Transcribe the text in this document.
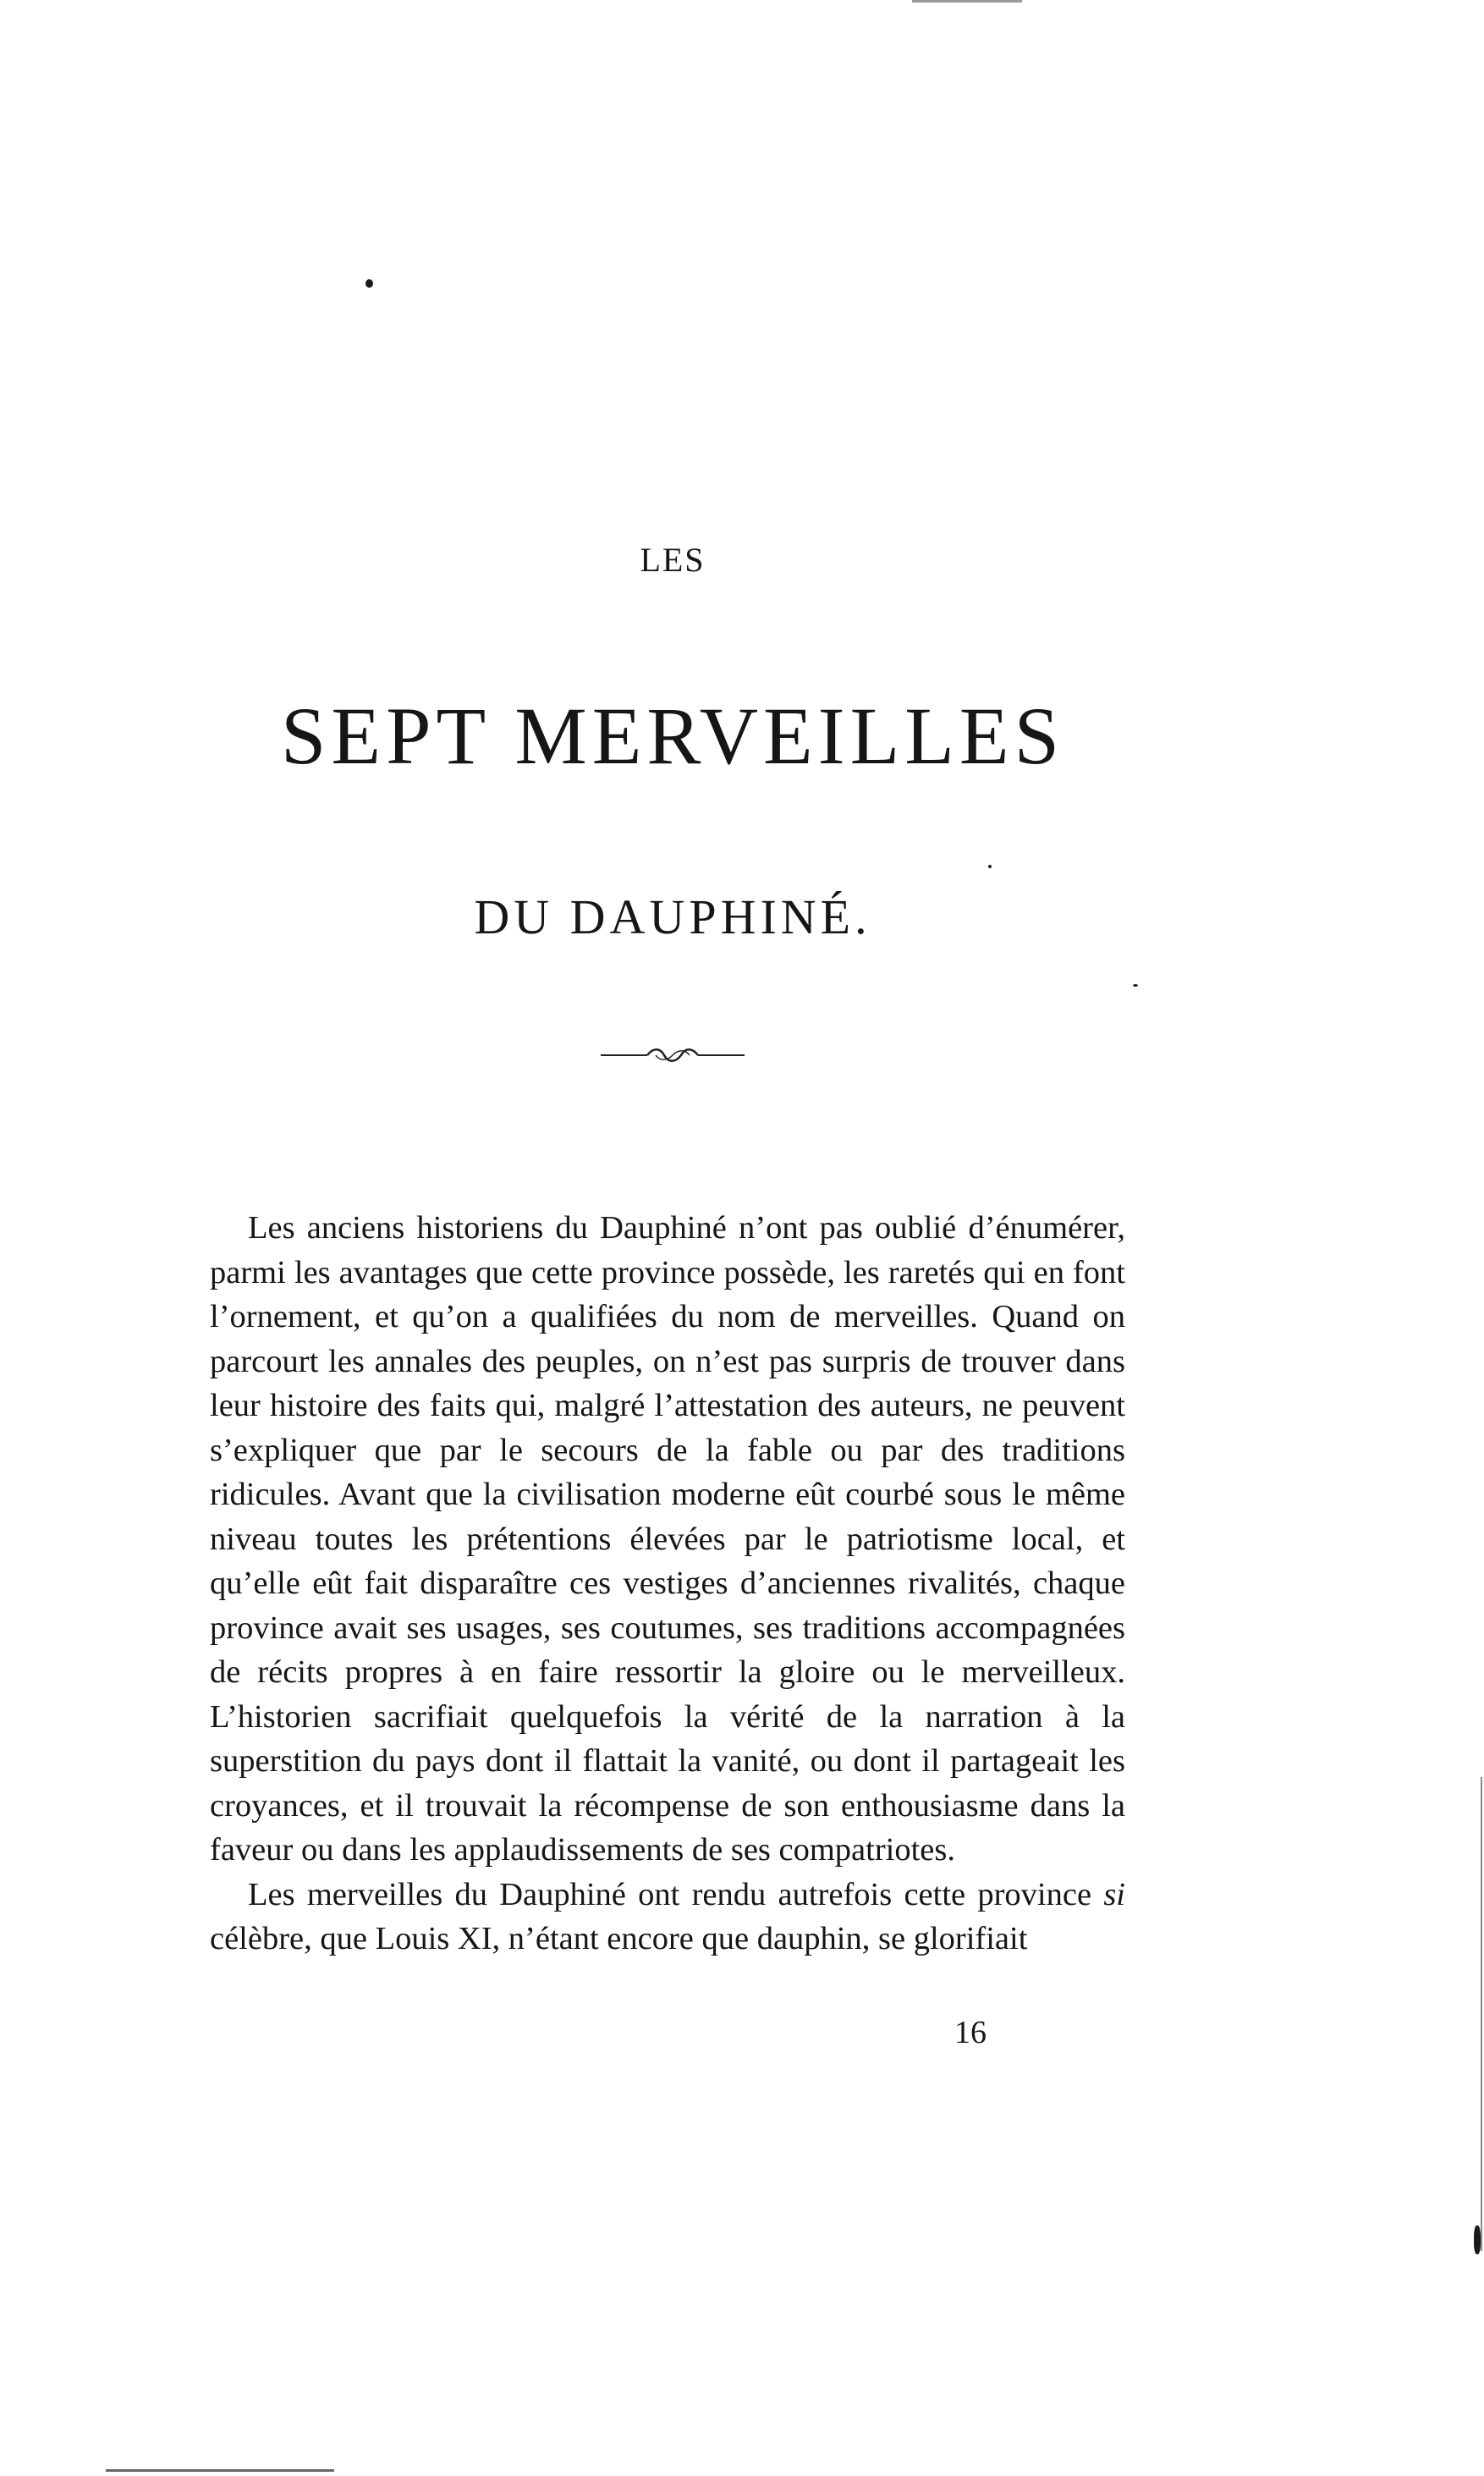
LES
SEPT MERVEILLES
DU DAUPHINÉ.

Les anciens historiens du Dauphiné n’ont pas oublié d’énumérer, parmi les avantages que cette province possède, les raretés qui en font l’ornement, et qu’on a qualifiées du nom de merveilles. Quand on parcourt les annales des peuples, on n’est pas surpris de trouver dans leur histoire des faits qui, malgré l’attestation des auteurs, ne peuvent s’expliquer que par le secours de la fable ou par des traditions ridicules. Avant que la civilisation moderne eût courbé sous le même niveau toutes les prétentions élevées par le patriotisme local, et qu’elle eût fait disparaître ces vestiges d’anciennes rivalités, chaque province avait ses usages, ses coutumes, ses traditions accompagnées de récits propres à en faire ressortir la gloire ou le merveilleux. L’historien sacrifiait quelquefois la vérité de la narration à la superstition du pays dont il flattait la vanité, ou dont il partageait les croyances, et il trouvait la récompense de son enthousiasme dans la faveur ou dans les applaudissements de ses compatriotes.

Les merveilles du Dauphiné ont rendu autrefois cette province si célèbre, que Louis XI, n’étant encore que dauphin, se glorifiait

16
